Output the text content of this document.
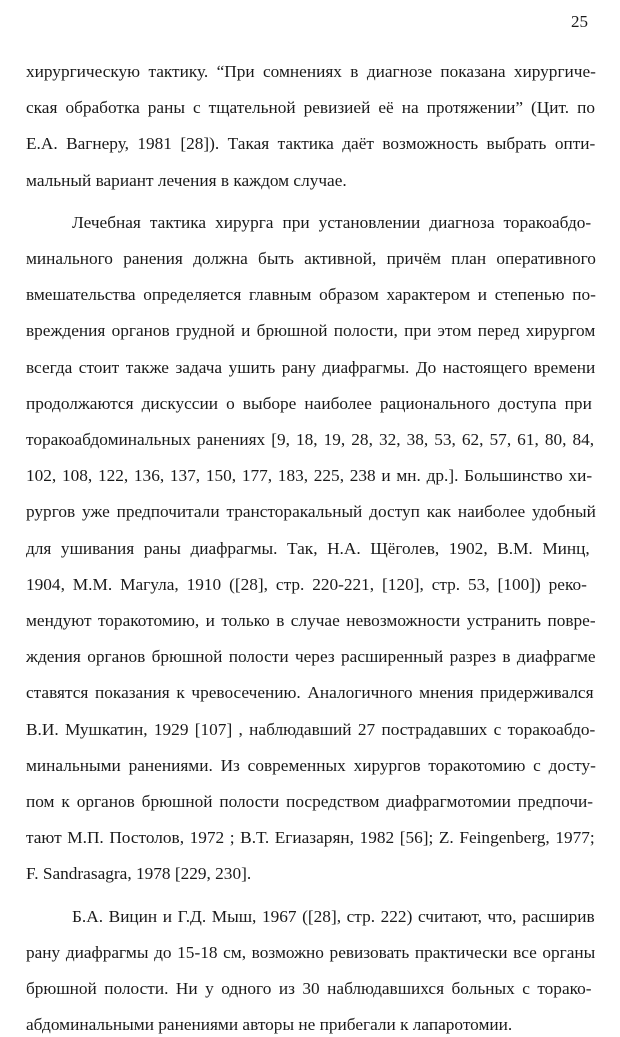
25
хирургическую тактику. “При сомнениях в диагнозе показана хирургиче-
ская обработка раны с тщательной ревизией её на протяжении” (Цит. по
Е.А. Вагнеру, 1981 [28]). Такая тактика даёт возможность выбрать опти-
мальный вариант лечения в каждом случае.
Лечебная тактика хирурга при установлении диагноза торакоабдо-
минального ранения должна быть активной, причём план оперативного
вмешательства определяется главным образом характером и степенью по-
вреждения органов грудной и брюшной полости, при этом перед хирургом
всегда стоит также задача ушить рану диафрагмы. До настоящего времени
продолжаются дискуссии о выборе наиболее рационального доступа при
торакоабдоминальных ранениях [9, 18, 19, 28, 32, 38, 53, 62, 57, 61, 80, 84,
102, 108, 122, 136, 137, 150, 177, 183, 225, 238 и мн. др.]. Большинство хи-
рургов уже предпочитали трансторакальный доступ как наиболее удобный
для ушивания раны диафрагмы. Так, Н.А. Щёголев, 1902, В.М. Минц,
1904, М.М. Магула, 1910 ([28], стр. 220-221, [120], стр. 53, [100]) реко-
мендуют торакотомию, и только в случае невозможности устранить повре-
ждения органов брюшной полости через расширенный разрез в диафрагме
ставятся показания к чревосечению. Аналогичного мнения придерживался
В.И. Мушкатин, 1929 [107] , наблюдавший 27 пострадавших с торакоабдо-
минальными ранениями. Из современных хирургов торакотомию с досту-
пом к органов брюшной полости посредством диафрагмотомии предпочи-
тают М.П. Постолов, 1972 ; В.Т. Егиазарян, 1982 [56]; Z. Feingenberg, 1977;
F. Sandrasagra, 1978 [229, 230].
Б.А. Вицин и Г.Д. Мыш, 1967 ([28], стр. 222) считают, что, расширив
рану диафрагмы до 15-18 см, возможно ревизовать практически все органы
брюшной полости. Ни у одного из 30 наблюдавшихся больных с торако-
абдоминальными ранениями авторы не прибегали к лапаротомии.
